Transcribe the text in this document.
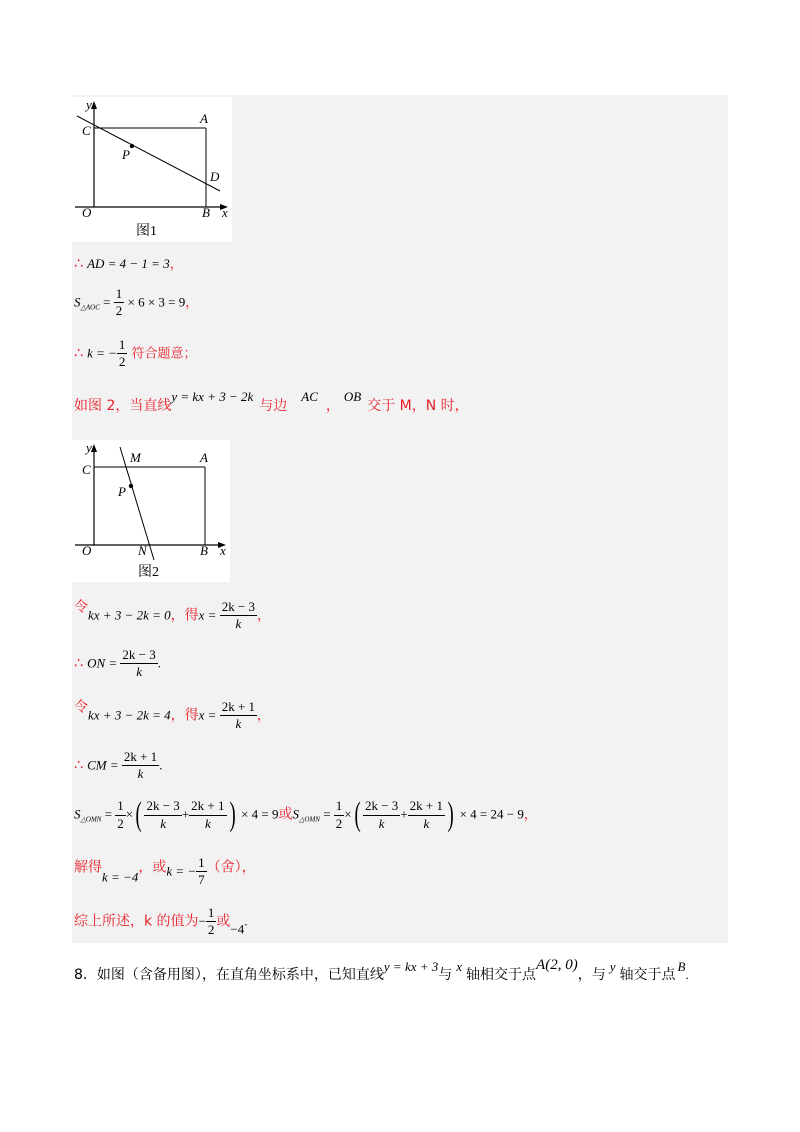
y
C
A
P
D
O	B x
图1
∴ AD = 4 − 1 = 3，
$S_{\triangle AOC} = \frac{1}{2} \times 6 \times 3 = 9$，
∴ k = − $\frac{1}{2}$ 符合题意；
如图 2，当直线y = kx + 3 − 2k与边AC，OB交于 M，N 时，
y
C
M	A
P
O	N	B x
图2
令kx + 3 − 2k = 0，得$x = \frac{2k - 3}{k}$ ，
∴ ON = $\frac{2k - 3}{k}$ .
令kx + 3 − 2k = 4，得$x = \frac{2k + 1}{k}$ ，
∴ CM = $\frac{2k + 1}{k}$ .
$S_{\triangle OMN} = \frac{1}{2}$ ×( $\frac{2k - 3}{k} + \frac{2k + 1}{k}$ ) × 4 = 9或$S_{\triangle OMN} = \frac{1}{2}$ ×( $\frac{2k - 3}{k} + \frac{2k + 1}{k}$ ) × 4 = 24 − 9，
解得k = −4，或k = − $\frac{1}{7}$ （舍），
综上所述，k 的值为− $\frac{1}{2}$ 或−4.
8．如图（含备用图），在直角坐标系中，已知直线y = kx + 3与x轴相交于点A(2, 0)，与y轴交于点B.
